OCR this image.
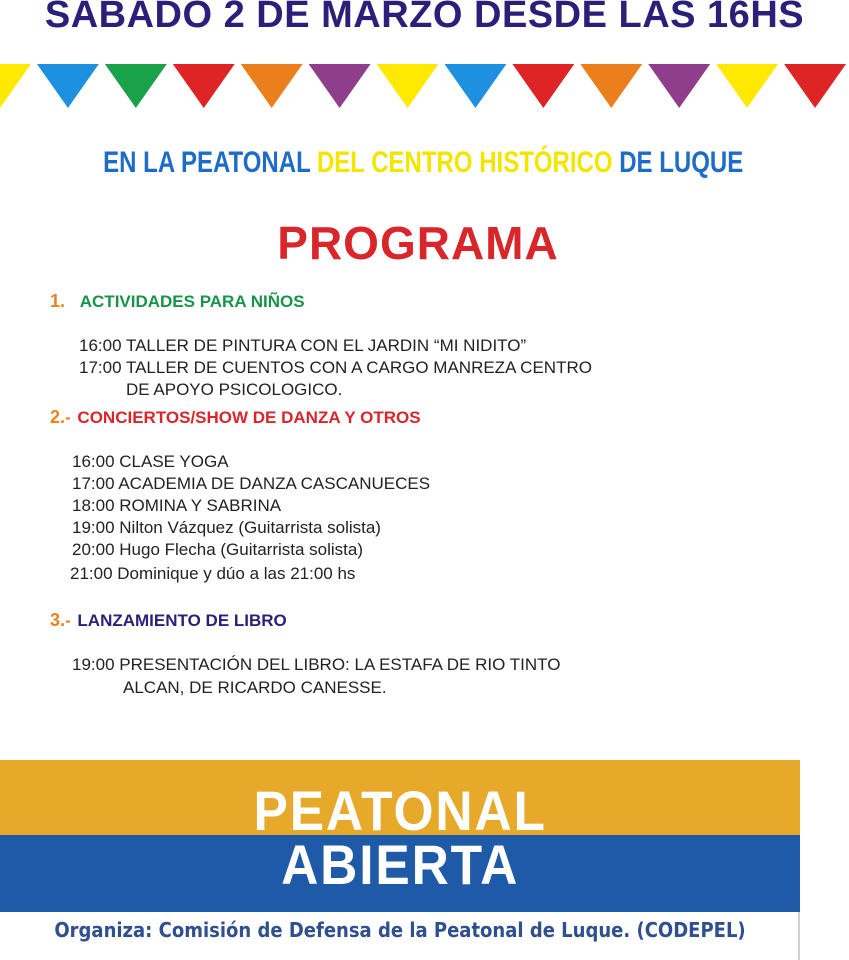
SABADO 2 DE MARZO DESDE LAS 16HS
EN LA PEATONAL DEL CENTRO HISTÓRICO DE LUQUE
PROGRAMA
1. ACTIVIDADES PARA NIÑOS
16:00 TALLER DE PINTURA CON EL JARDIN “MI NIDITO”
17:00 TALLER DE CUENTOS CON A CARGO MANREZA CENTRO
DE APOYO PSICOLOGICO.
2.- CONCIERTOS/SHOW DE DANZA Y OTROS
16:00 CLASE YOGA
17:00 ACADEMIA DE DANZA CASCANUECES
18:00 ROMINA Y SABRINA
19:00 Nilton Vázquez (Guitarrista solista)
20:00 Hugo Flecha (Guitarrista solista)
21:00 Dominique y dúo a las 21:00 hs
3.- LANZAMIENTO DE LIBRO
19:00 PRESENTACIÓN DEL LIBRO: LA ESTAFA DE RIO TINTO
ALCAN, DE RICARDO CANESSE.
PEATONAL
ABIERTA
Organiza: Comisión de Defensa de la Peatonal de Luque. (CODEPEL)
